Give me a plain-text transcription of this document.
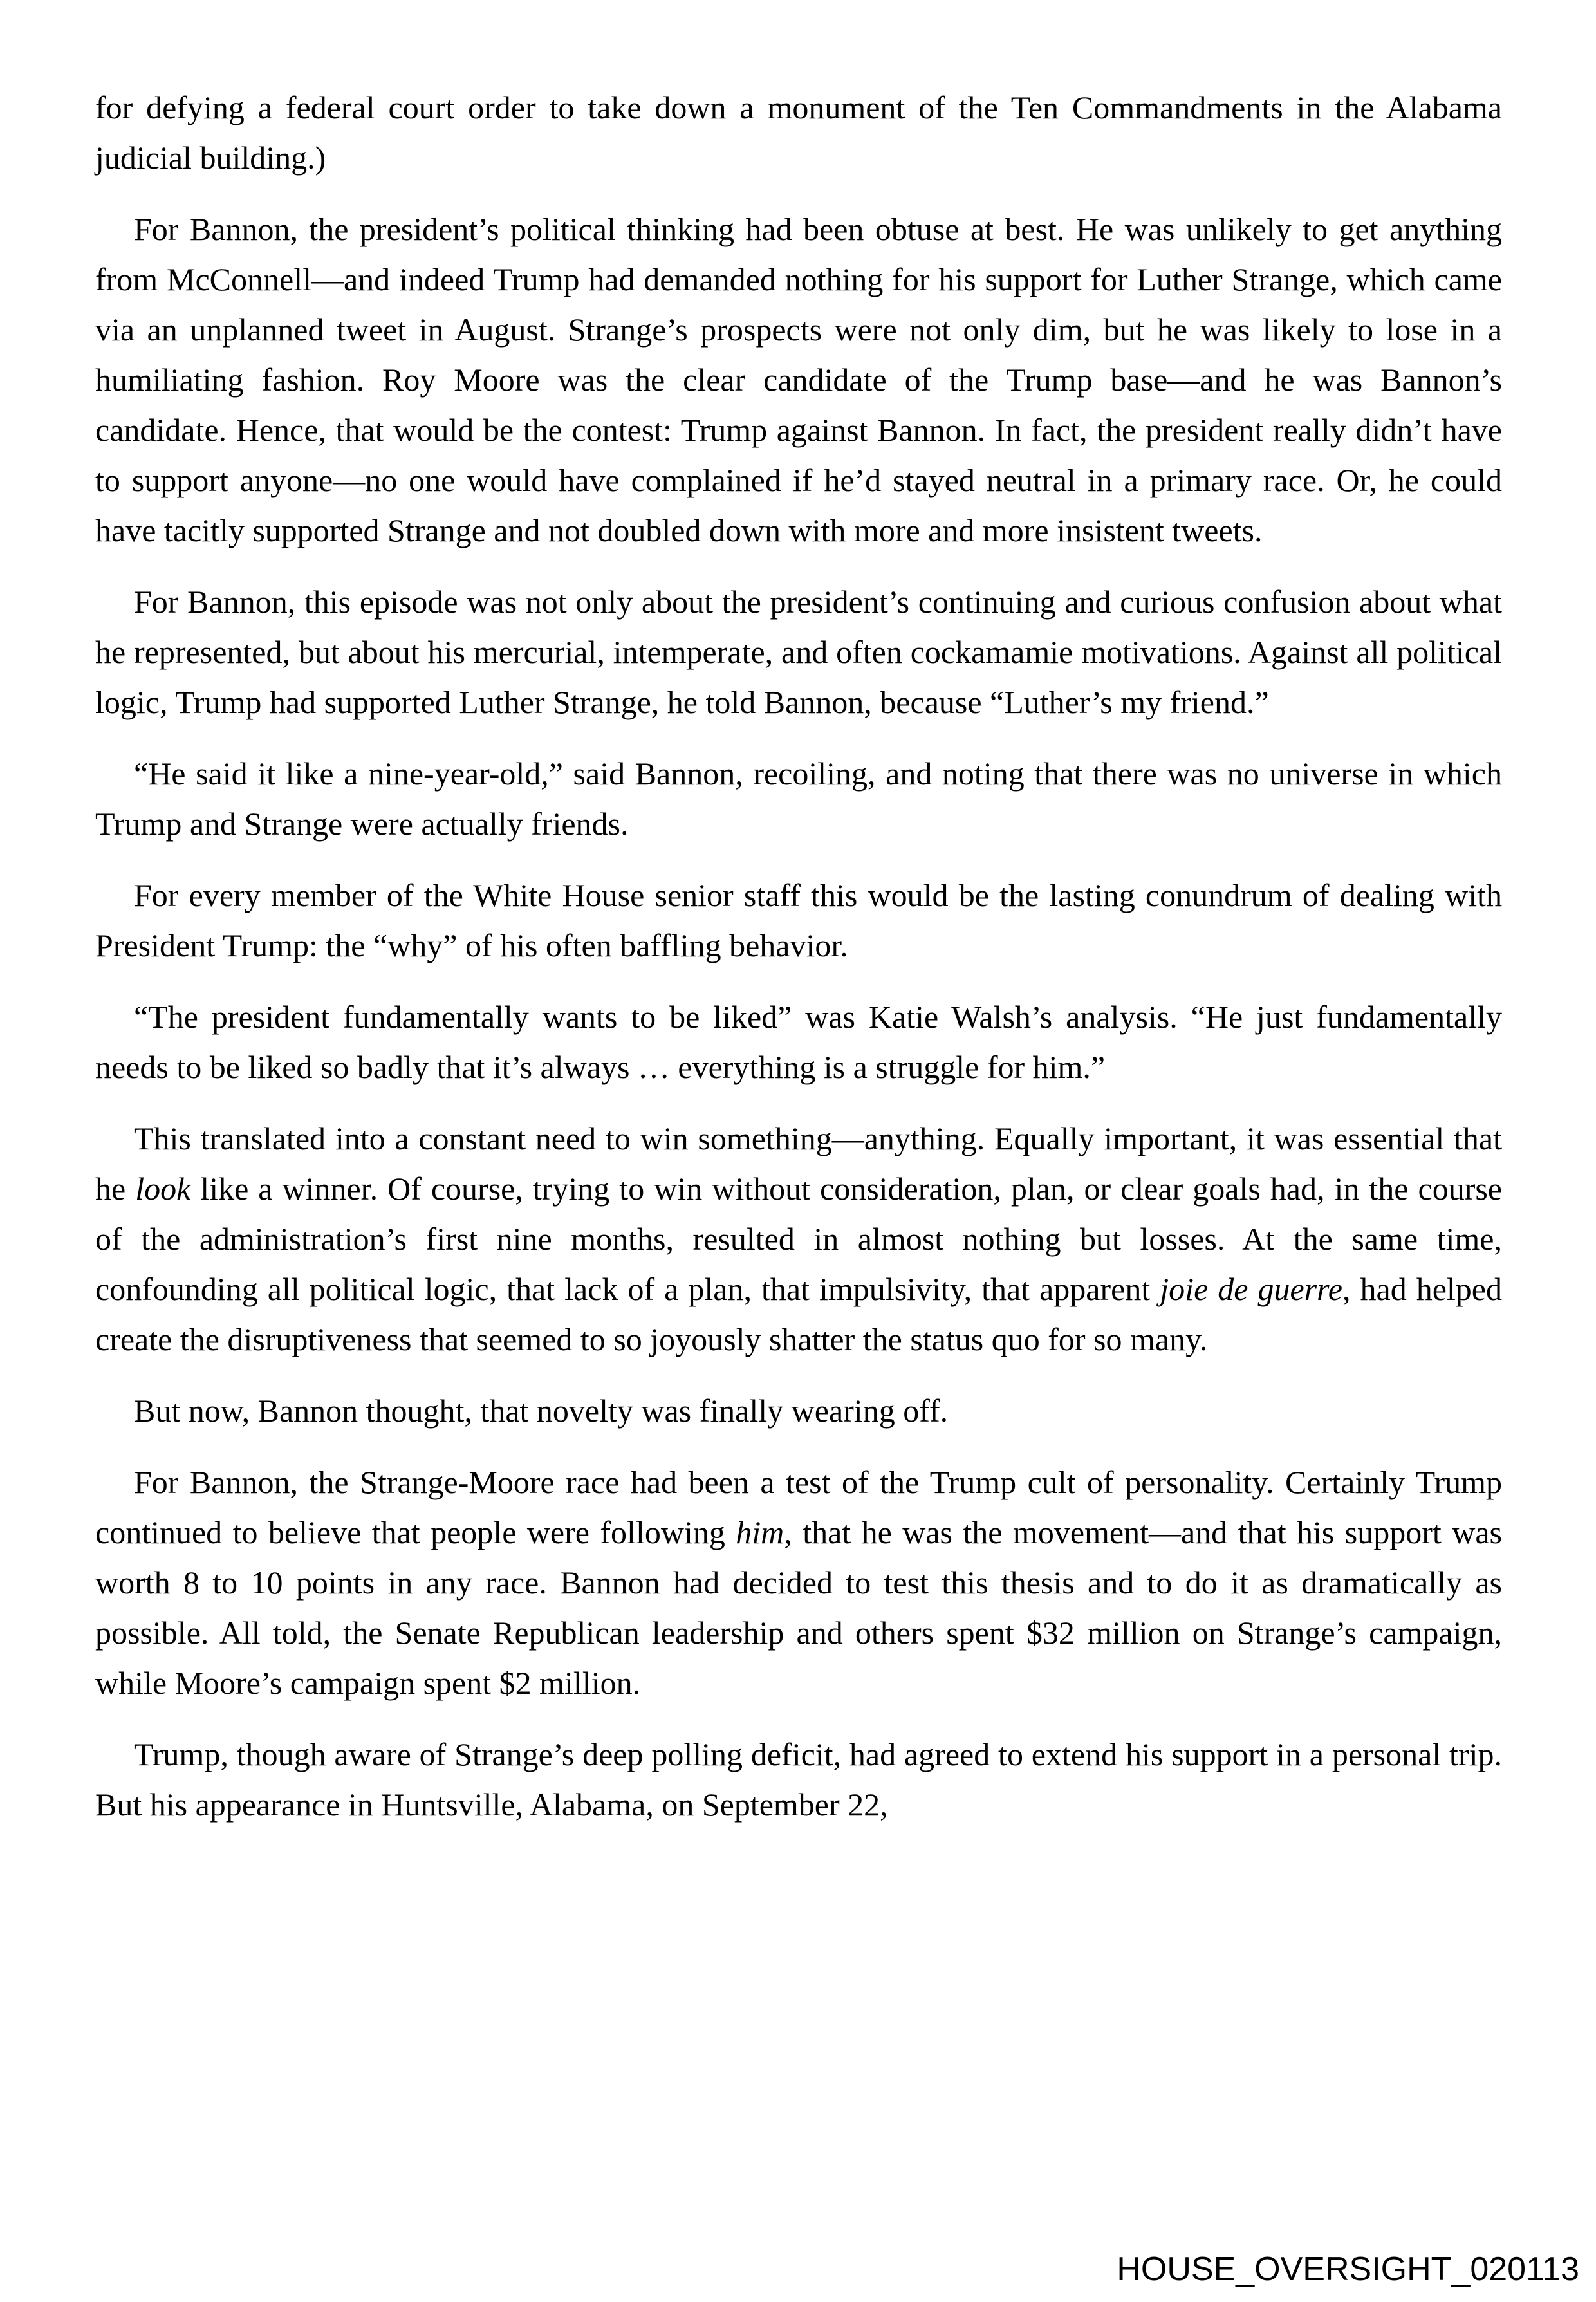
for defying a federal court order to take down a monument of the Ten Commandments in the Alabama judicial building.)

For Bannon, the president’s political thinking had been obtuse at best. He was unlikely to get anything from McConnell—and indeed Trump had demanded nothing for his support for Luther Strange, which came via an unplanned tweet in August. Strange’s prospects were not only dim, but he was likely to lose in a humiliating fashion. Roy Moore was the clear candidate of the Trump base—and he was Bannon’s candidate. Hence, that would be the contest: Trump against Bannon. In fact, the president really didn’t have to support anyone—no one would have complained if he’d stayed neutral in a primary race. Or, he could have tacitly supported Strange and not doubled down with more and more insistent tweets.

For Bannon, this episode was not only about the president’s continuing and curious confusion about what he represented, but about his mercurial, intemperate, and often cockamamie motivations. Against all political logic, Trump had supported Luther Strange, he told Bannon, because “Luther’s my friend.”

“He said it like a nine-year-old,” said Bannon, recoiling, and noting that there was no universe in which Trump and Strange were actually friends.

For every member of the White House senior staff this would be the lasting conundrum of dealing with President Trump: the “why” of his often baffling behavior.

“The president fundamentally wants to be liked” was Katie Walsh’s analysis. “He just fundamentally needs to be liked so badly that it’s always … everything is a struggle for him.”

This translated into a constant need to win something—anything. Equally important, it was essential that he look like a winner. Of course, trying to win without consideration, plan, or clear goals had, in the course of the administration’s first nine months, resulted in almost nothing but losses. At the same time, confounding all political logic, that lack of a plan, that impulsivity, that apparent joie de guerre, had helped create the disruptiveness that seemed to so joyously shatter the status quo for so many.

But now, Bannon thought, that novelty was finally wearing off.

For Bannon, the Strange-Moore race had been a test of the Trump cult of personality. Certainly Trump continued to believe that people were following him, that he was the movement—and that his support was worth 8 to 10 points in any race. Bannon had decided to test this thesis and to do it as dramatically as possible. All told, the Senate Republican leadership and others spent $32 million on Strange’s campaign, while Moore’s campaign spent $2 million.

Trump, though aware of Strange’s deep polling deficit, had agreed to extend his support in a personal trip. But his appearance in Huntsville, Alabama, on September 22,

HOUSE_OVERSIGHT_020113
